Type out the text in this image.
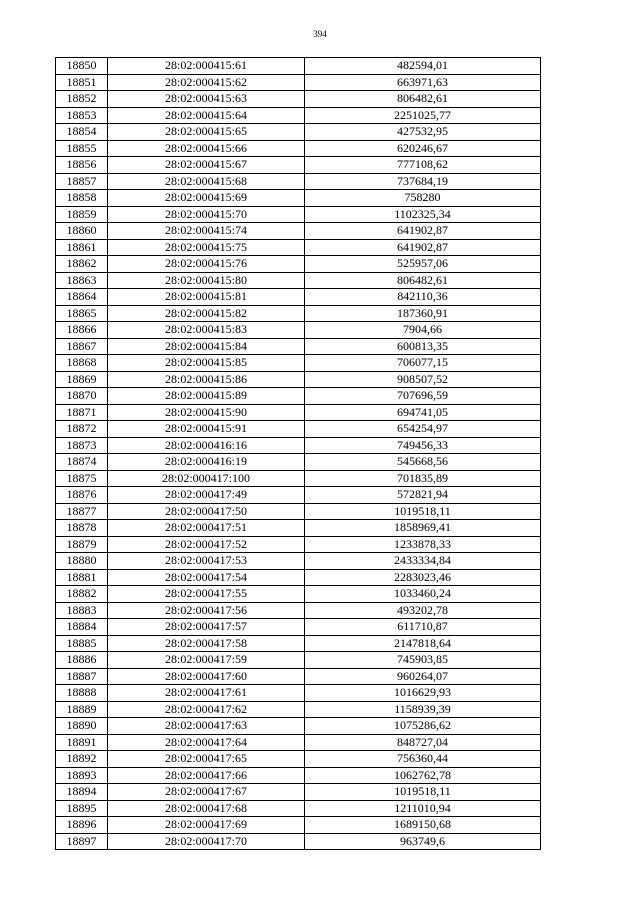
394
18850	28:02:000415:61	482594,01
18851	28:02:000415:62	663971,63
18852	28:02:000415:63	806482,61
18853	28:02:000415:64	2251025,77
18854	28:02:000415:65	427532,95
18855	28:02:000415:66	620246,67
18856	28:02:000415:67	777108,62
18857	28:02:000415:68	737684,19
18858	28:02:000415:69	758280
18859	28:02:000415:70	1102325,34
18860	28:02:000415:74	641902,87
18861	28:02:000415:75	641902,87
18862	28:02:000415:76	525957,06
18863	28:02:000415:80	806482,61
18864	28:02:000415:81	842110,36
18865	28:02:000415:82	187360,91
18866	28:02:000415:83	7904,66
18867	28:02:000415:84	600813,35
18868	28:02:000415:85	706077,15
18869	28:02:000415:86	908507,52
18870	28:02:000415:89	707696,59
18871	28:02:000415:90	694741,05
18872	28:02:000415:91	654254,97
18873	28:02:000416:16	749456,33
18874	28:02:000416:19	545668,56
18875	28:02:000417:100	701835,89
18876	28:02:000417:49	572821,94
18877	28:02:000417:50	1019518,11
18878	28:02:000417:51	1858969,41
18879	28:02:000417:52	1233878,33
18880	28:02:000417:53	2433334,84
18881	28:02:000417:54	2283023,46
18882	28:02:000417:55	1033460,24
18883	28:02:000417:56	493202,78
18884	28:02:000417:57	611710,87
18885	28:02:000417:58	2147818,64
18886	28:02:000417:59	745903,85
18887	28:02:000417:60	960264,07
18888	28:02:000417:61	1016629,93
18889	28:02:000417:62	1158939,39
18890	28:02:000417:63	1075286,62
18891	28:02:000417:64	848727,04
18892	28:02:000417:65	756360,44
18893	28:02:000417:66	1062762,78
18894	28:02:000417:67	1019518,11
18895	28:02:000417:68	1211010,94
18896	28:02:000417:69	1689150,68
18897	28:02:000417:70	963749,6
